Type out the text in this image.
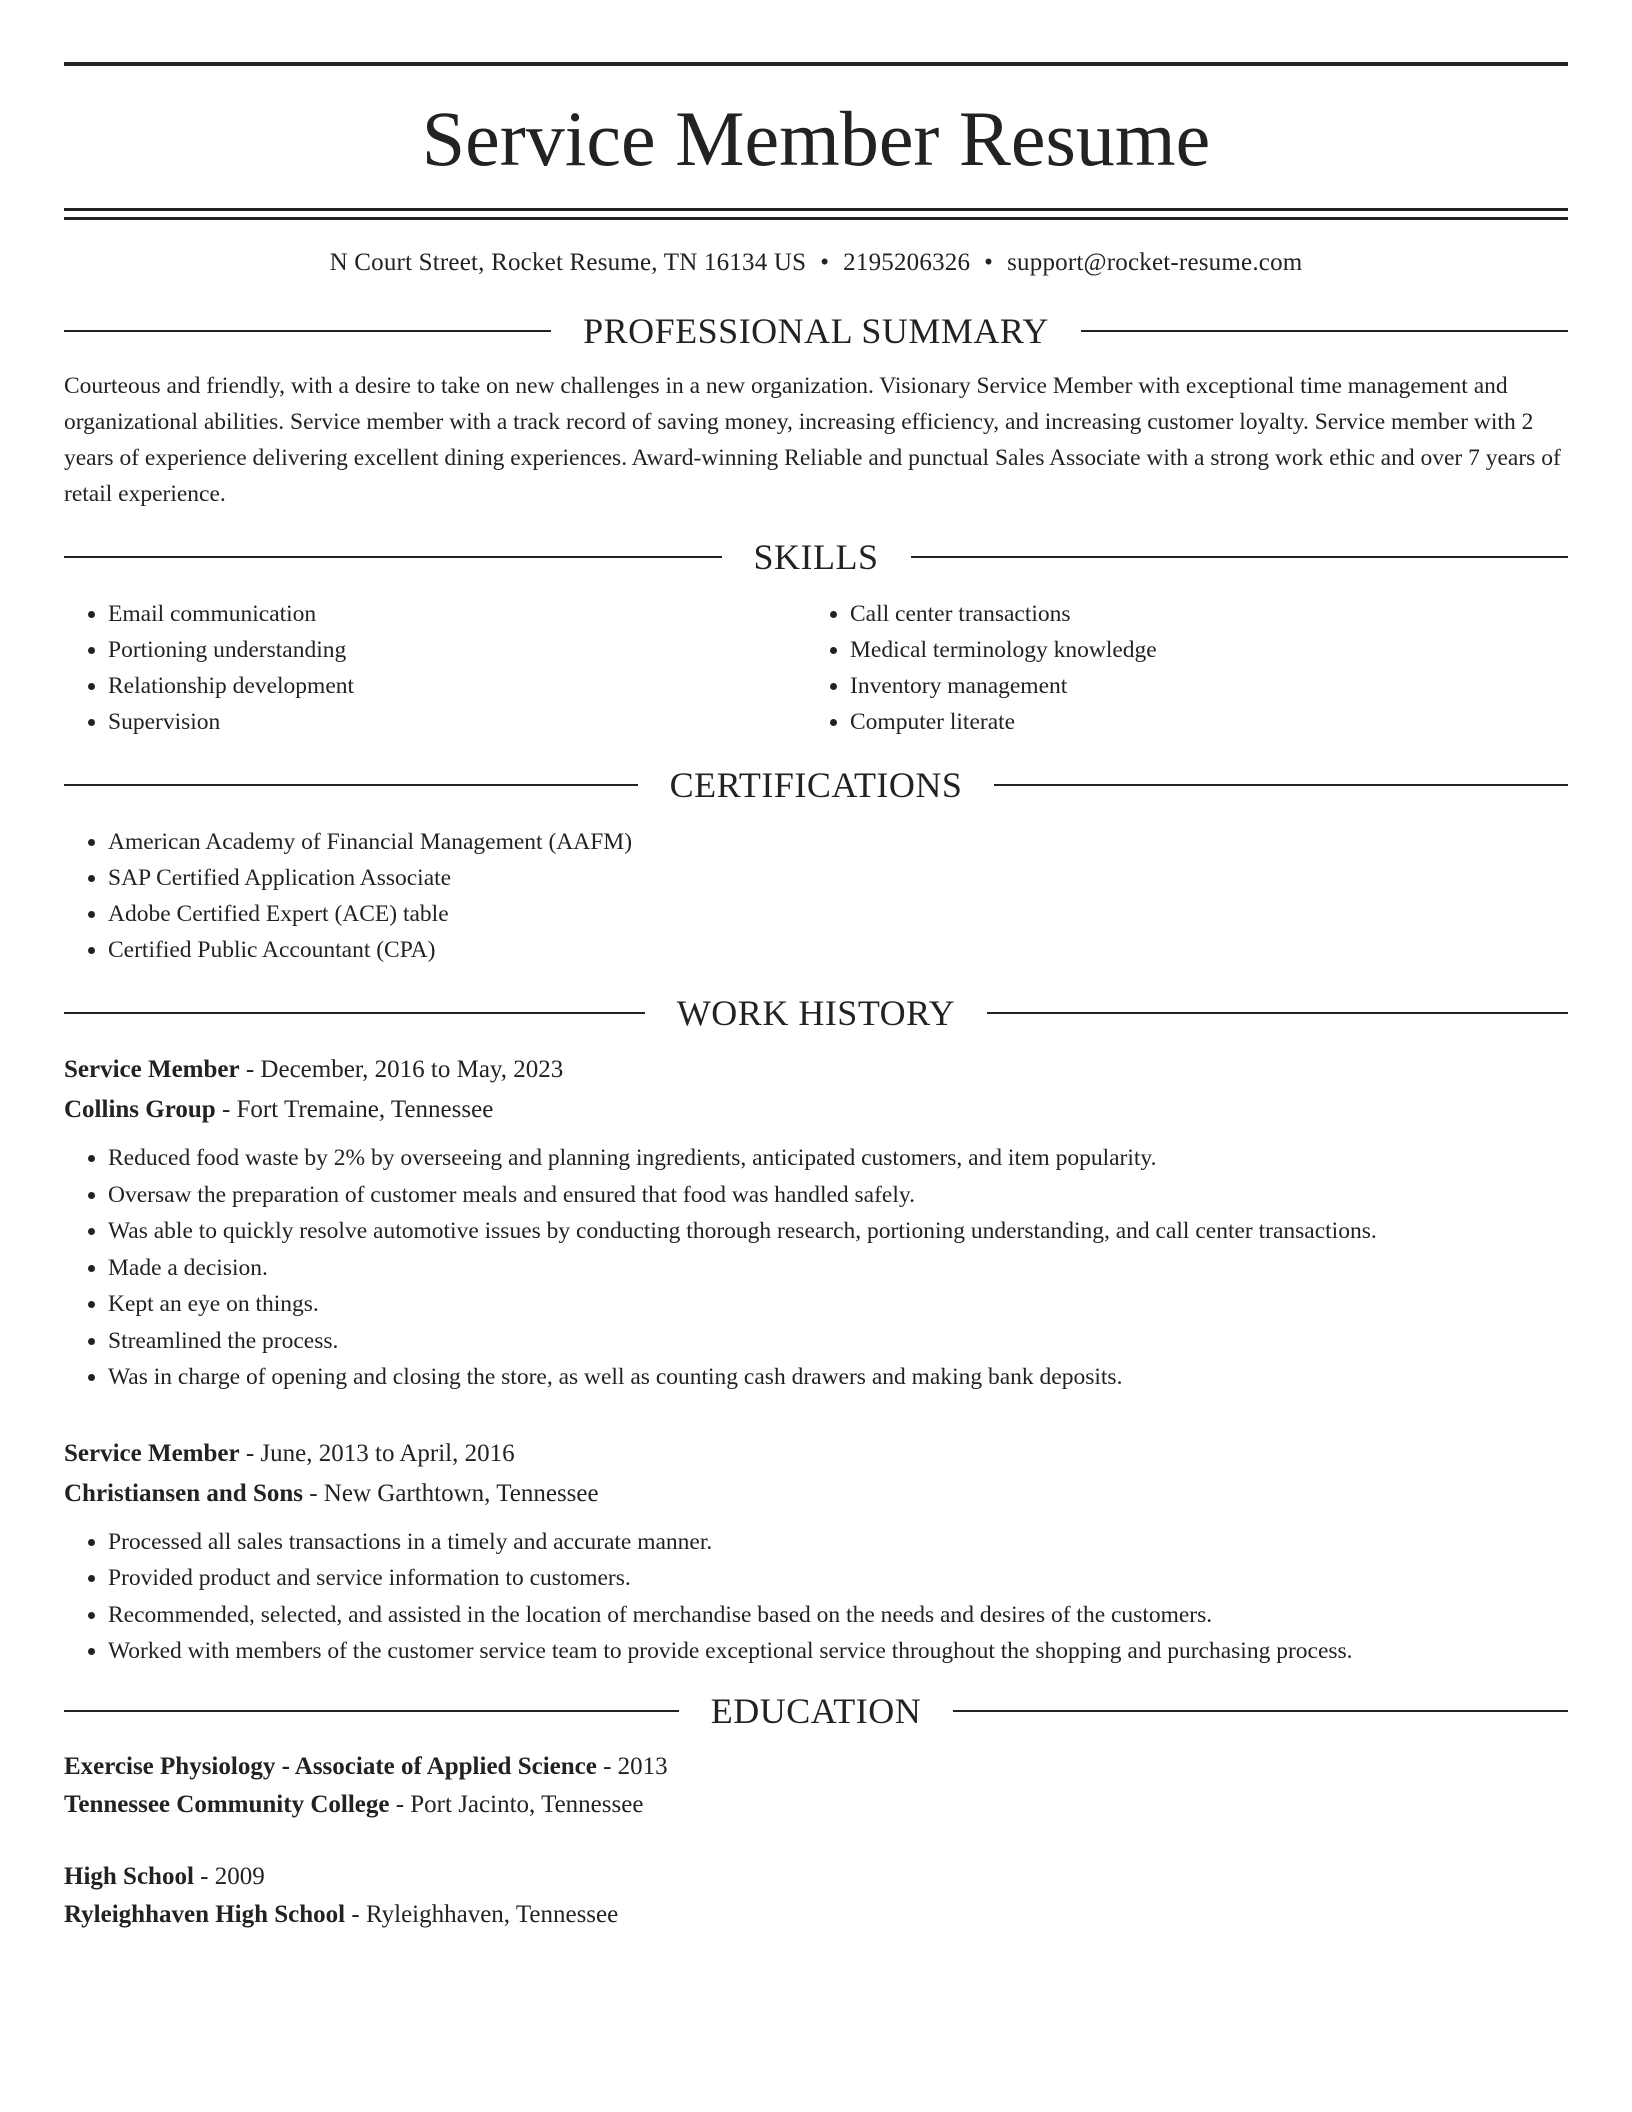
Service Member Resume
N Court Street, Rocket Resume, TN 16134 US • 2195206326 • support@rocket-resume.com
PROFESSIONAL SUMMARY
Courteous and friendly, with a desire to take on new challenges in a new organization. Visionary Service Member with exceptional time management and organizational abilities. Service member with a track record of saving money, increasing efficiency, and increasing customer loyalty. Service member with 2 years of experience delivering excellent dining experiences. Award-winning Reliable and punctual Sales Associate with a strong work ethic and over 7 years of retail experience.
SKILLS
• Email communication
• Portioning understanding
• Relationship development
• Supervision
• Call center transactions
• Medical terminology knowledge
• Inventory management
• Computer literate
CERTIFICATIONS
• American Academy of Financial Management (AAFM)
• SAP Certified Application Associate
• Adobe Certified Expert (ACE) table
• Certified Public Accountant (CPA)
WORK HISTORY
Service Member - December, 2016 to May, 2023
Collins Group - Fort Tremaine, Tennessee
• Reduced food waste by 2% by overseeing and planning ingredients, anticipated customers, and item popularity.
• Oversaw the preparation of customer meals and ensured that food was handled safely.
• Was able to quickly resolve automotive issues by conducting thorough research, portioning understanding, and call center transactions.
• Made a decision.
• Kept an eye on things.
• Streamlined the process.
• Was in charge of opening and closing the store, as well as counting cash drawers and making bank deposits.
Service Member - June, 2013 to April, 2016
Christiansen and Sons - New Garthtown, Tennessee
• Processed all sales transactions in a timely and accurate manner.
• Provided product and service information to customers.
• Recommended, selected, and assisted in the location of merchandise based on the needs and desires of the customers.
• Worked with members of the customer service team to provide exceptional service throughout the shopping and purchasing process.
EDUCATION
Exercise Physiology - Associate of Applied Science - 2013
Tennessee Community College - Port Jacinto, Tennessee
High School - 2009
Ryleighhaven High School - Ryleighhaven, Tennessee
